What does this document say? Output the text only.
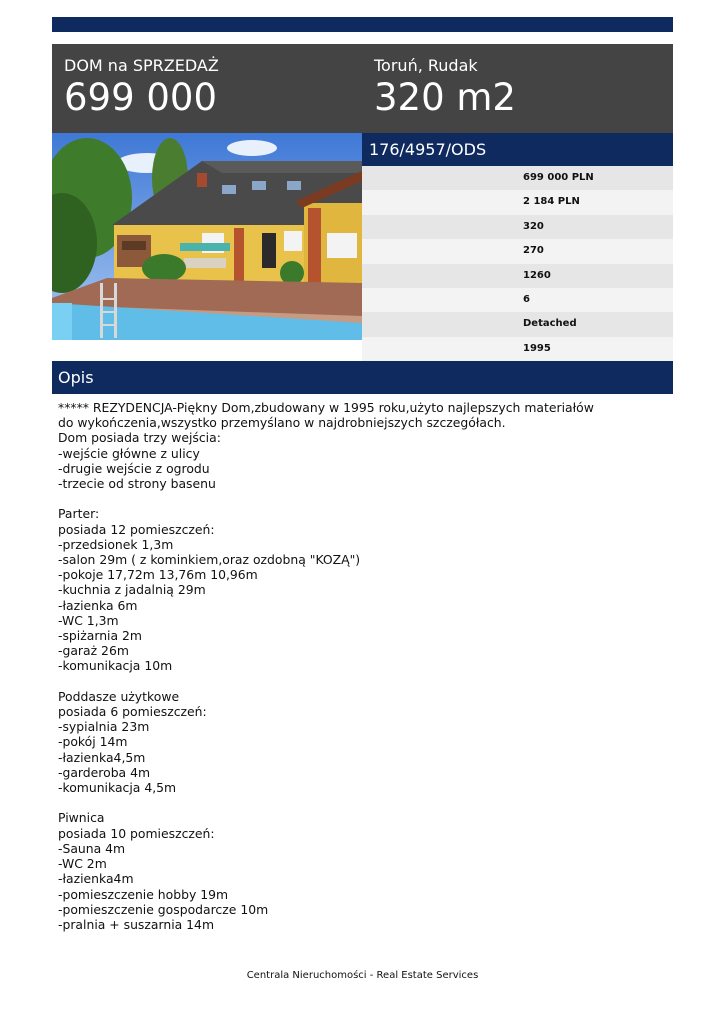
DOM na SPRZEDAŻ
699 000
Toruń, Rudak
320 m2
176/4957/ODS
699 000 PLN
2 184 PLN
320
270
1260
6
Detached
1995
Opis
***** REZYDENCJA-Piękny Dom,zbudowany w 1995 roku,użyto najlepszych materiałów
do wykończenia,wszystko przemyślano w najdrobniejszych szczegółach.
Dom posiada trzy wejścia:
-wejście główne z ulicy
-drugie wejście z ogrodu
-trzecie od strony basenu

Parter:
posiada 12 pomieszczeń:
-przedsionek 1,3m
-salon 29m ( z kominkiem,oraz ozdobną "KOZĄ")
-pokoje 17,72m 13,76m 10,96m
-kuchnia z jadalnią 29m
-łazienka 6m
-WC 1,3m
-spiżarnia 2m
-garaż 26m
-komunikacja 10m

Poddasze użytkowe
posiada 6 pomieszczeń:
-sypialnia 23m
-pokój 14m
-łazienka4,5m
-garderoba 4m
-komunikacja 4,5m

Piwnica
posiada 10 pomieszczeń:
-Sauna 4m
-WC 2m
-łazienka4m
-pomieszczenie hobby 19m
-pomieszczenie gospodarcze 10m
-pralnia + suszarnia 14m
Centrala Nieruchomości - Real Estate Services
